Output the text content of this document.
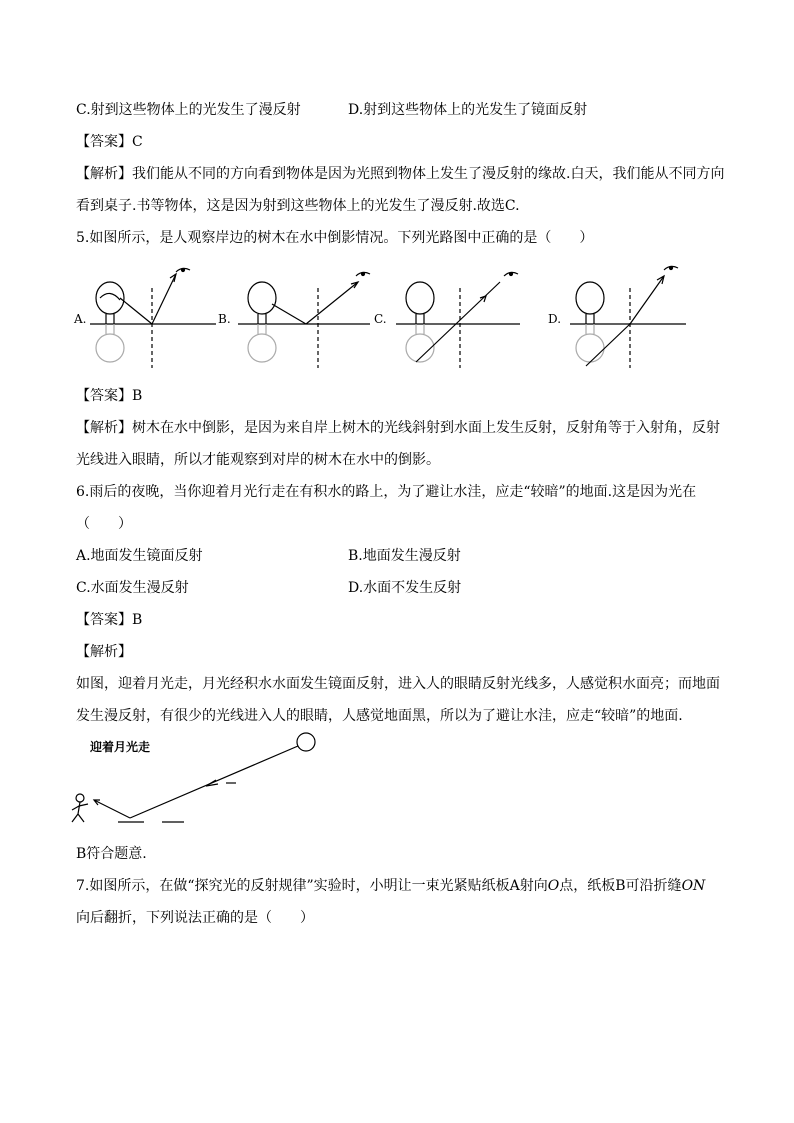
C.射到这些物体上的光发生了漫反射	D.射到这些物体上的光发生了镜面反射
【答案】C
【解析】我们能从不同的方向看到物体是因为光照到物体上发生了漫反射的缘故.白天，我们能从不同方向
看到桌子.书等物体，这是因为射到这些物体上的光发生了漫反射.故选C.
5.如图所示，是人观察岸边的树木在水中倒影情况。下列光路图中正确的是（　　）
A.	B.	C.	D.
【答案】B
【解析】树木在水中倒影，是因为来自岸上树木的光线斜射到水面上发生反射，反射角等于入射角，反射
光线进入眼睛，所以才能观察到对岸的树木在水中的倒影。
6.雨后的夜晚，当你迎着月光行走在有积水的路上，为了避让水洼，应走“较暗”的地面.这是因为光在
（　　）
A.地面发生镜面反射	B.地面发生漫反射
C.水面发生漫反射	D.水面不发生反射
【答案】B
【解析】
如图，迎着月光走，月光经积水水面发生镜面反射，进入人的眼睛反射光线多，人感觉积水面亮；而地面
发生漫反射，有很少的光线进入人的眼睛，人感觉地面黑，所以为了避让水洼，应走“较暗”的地面.
迎着月光走
B符合题意.
7.如图所示，在做“探究光的反射规律”实验时，小明让一束光紧贴纸板A射向O点，纸板B可沿折缝ON
向后翻折，下列说法正确的是（　　）
